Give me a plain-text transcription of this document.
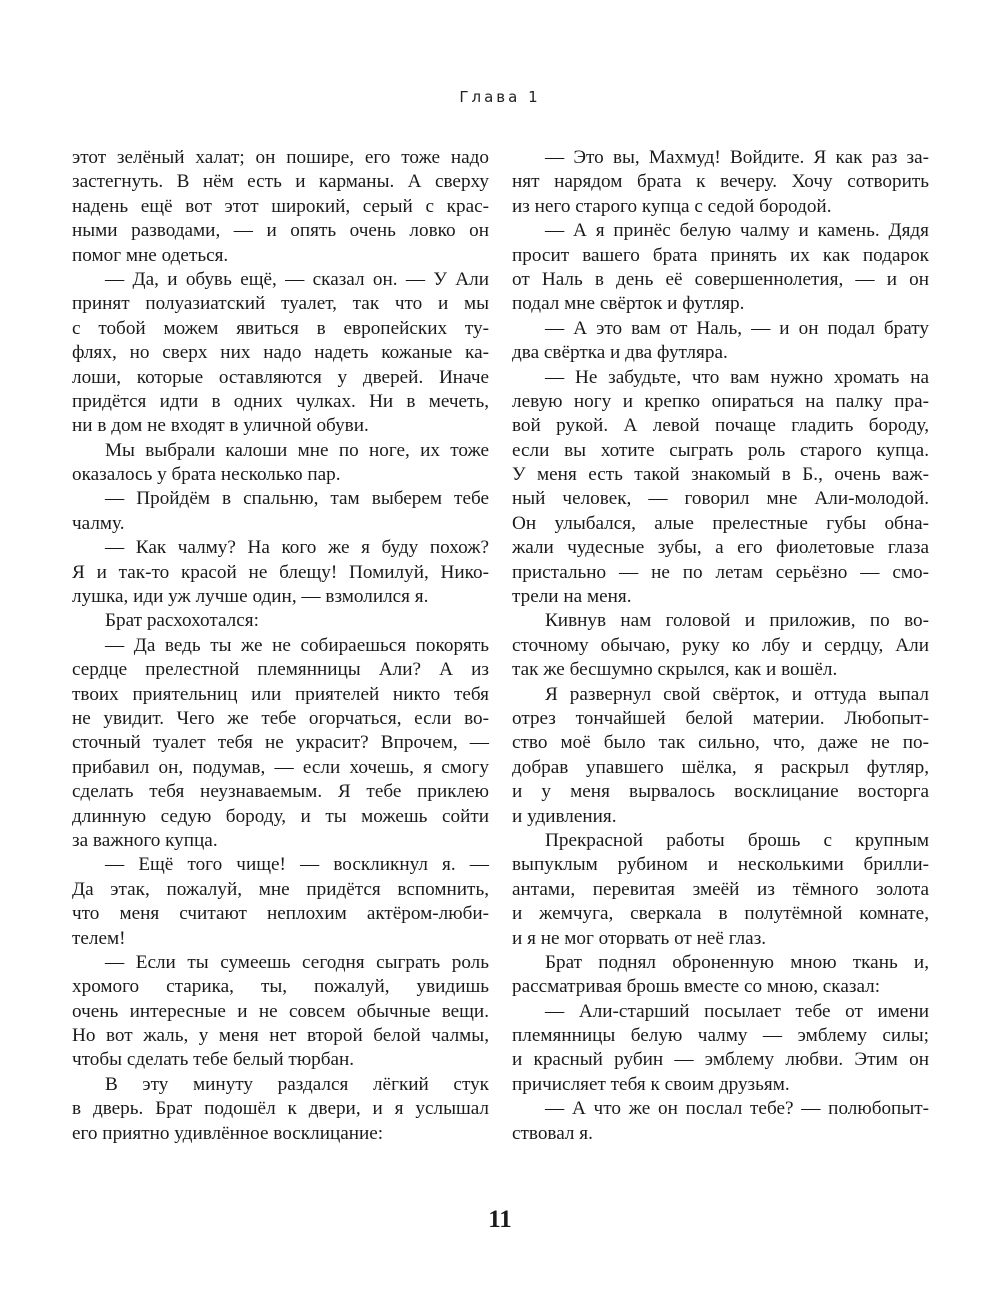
Глава 1
этот зелёный халат; он пошире, его тоже надо
застегнуть. В нём есть и карманы. А сверху
надень ещё вот этот широкий, серый с крас-
ными разводами, — и опять очень ловко он
помог мне одеться.
— Да, и обувь ещё, — сказал он. — У Али
принят полуазиатский туалет, так что и мы
с тобой можем явиться в европейских ту-
флях, но сверх них надо надеть кожаные ка-
лоши, которые оставляются у дверей. Иначе
придётся идти в одних чулках. Ни в мечеть,
ни в дом не входят в уличной обуви.
Мы выбрали калоши мне по ноге, их тоже
оказалось у брата несколько пар.
— Пройдём в спальню, там выберем тебе
чалму.
— Как чалму? На кого же я буду похож?
Я и так-то красой не блещу! Помилуй, Нико-
лушка, иди уж лучше один, — взмолился я.
Брат расхохотался:
— Да ведь ты же не собираешься покорять
сердце прелестной племянницы Али? А из
твоих приятельниц или приятелей никто тебя
не увидит. Чего же тебе огорчаться, если во-
сточный туалет тебя не украсит? Впрочем, —
прибавил он, подумав, — если хочешь, я смогу
сделать тебя неузнаваемым. Я тебе приклею
длинную седую бороду, и ты можешь сойти
за важного купца.
— Ещё того чище! — воскликнул я. —
Да этак, пожалуй, мне придётся вспомнить,
что меня считают неплохим актёром-люби-
телем!
— Если ты сумеешь сегодня сыграть роль
хромого старика, ты, пожалуй, увидишь
очень интересные и не совсем обычные вещи.
Но вот жаль, у меня нет второй белой чалмы,
чтобы сделать тебе белый тюрбан.
В эту минуту раздался лёгкий стук
в дверь. Брат подошёл к двери, и я услышал
его приятно удивлённое восклицание:
— Это вы, Махмуд! Войдите. Я как раз за-
нят нарядом брата к вечеру. Хочу сотворить
из него старого купца с седой бородой.
— А я принёс белую чалму и камень. Дядя
просит вашего брата принять их как подарок
от Наль в день её совершеннолетия, — и он
подал мне свёрток и футляр.
— А это вам от Наль, — и он подал брату
два свёртка и два футляра.
— Не забудьте, что вам нужно хромать на
левую ногу и крепко опираться на палку пра-
вой рукой. А левой почаще гладить бороду,
если вы хотите сыграть роль старого купца.
У меня есть такой знакомый в Б., очень важ-
ный человек, — говорил мне Али-молодой.
Он улыбался, алые прелестные губы обна-
жали чудесные зубы, а его фиолетовые глаза
пристально — не по летам серьёзно — смо-
трели на меня.
Кивнув нам головой и приложив, по во-
сточному обычаю, руку ко лбу и сердцу, Али
так же бесшумно скрылся, как и вошёл.
Я развернул свой свёрток, и оттуда выпал
отрез тончайшей белой материи. Любопыт-
ство моё было так сильно, что, даже не по-
добрав упавшего шёлка, я раскрыл футляр,
и у меня вырвалось восклицание восторга
и удивления.
Прекрасной работы брошь с крупным
выпуклым рубином и несколькими брилли-
антами, перевитая змеёй из тёмного золота
и жемчуга, сверкала в полутёмной комнате,
и я не мог оторвать от неё глаз.
Брат поднял оброненную мною ткань и,
рассматривая брошь вместе со мною, сказал:
— Али-старший посылает тебе от имени
племянницы белую чалму — эмблему силы;
и красный рубин — эмблему любви. Этим он
причисляет тебя к своим друзьям.
— А что же он послал тебе? — полюбопыт-
ствовал я.
11
